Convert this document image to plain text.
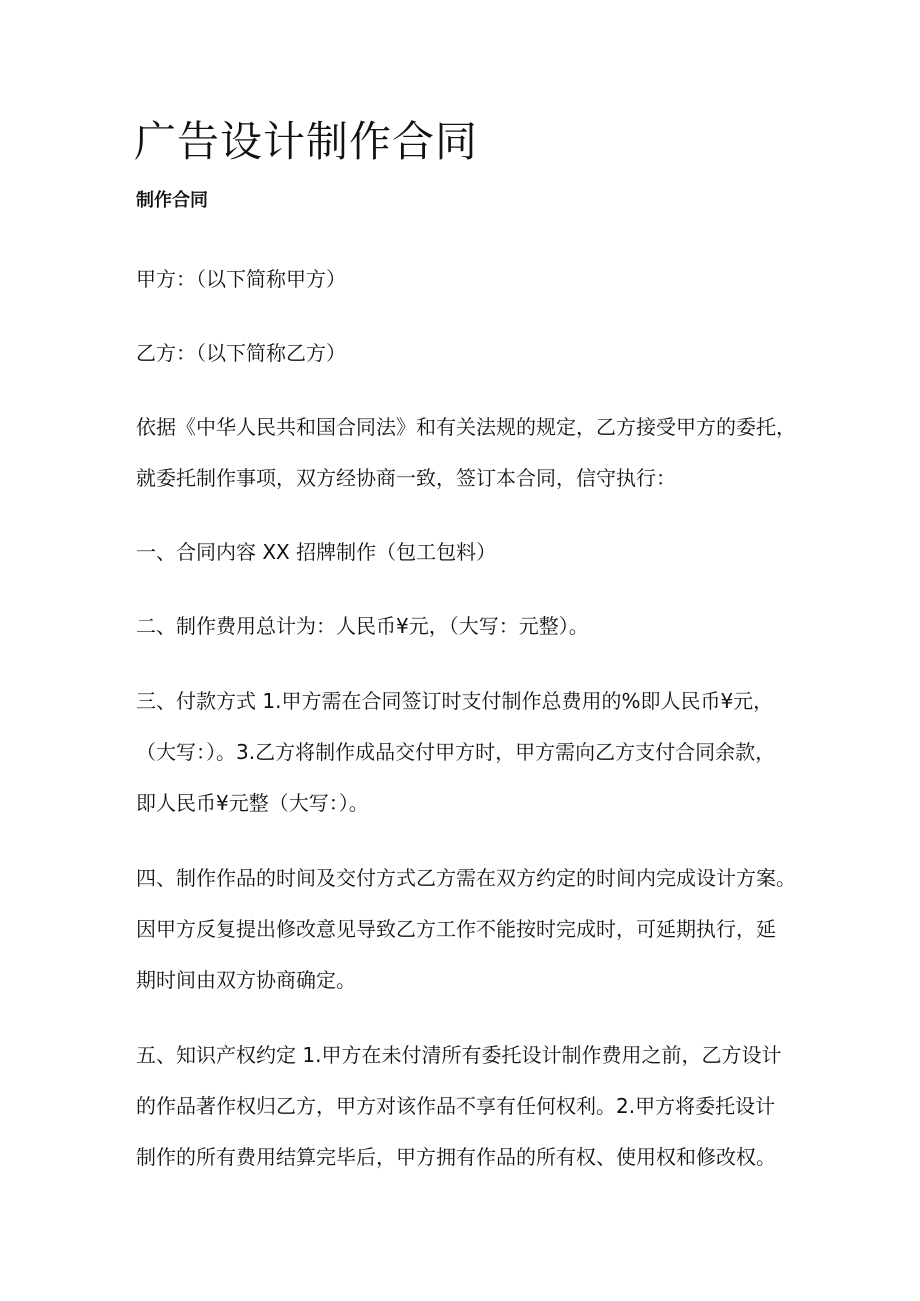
广告设计制作合同
制作合同

甲方：（以下简称甲方）

乙方：（以下简称乙方）

依据《中华人民共和国合同法》和有关法规的规定，乙方接受甲方的委托，
就委托制作事项，双方经协商一致，签订本合同，信守执行：

一、合同内容 XX 招牌制作（包工包料）

二、制作费用总计为：人民币¥元，（大写：元整）。

三、付款方式 1.甲方需在合同签订时支付制作总费用的%即人民币¥元，
（大写：）。3.乙方将制作成品交付甲方时，甲方需向乙方支付合同余款，
即人民币¥元整（大写：）。

四、制作作品的时间及交付方式乙方需在双方约定的时间内完成设计方案。
因甲方反复提出修改意见导致乙方工作不能按时完成时，可延期执行，延
期时间由双方协商确定。

五、知识产权约定 1.甲方在未付清所有委托设计制作费用之前，乙方设计
的作品著作权归乙方，甲方对该作品不享有任何权利。2.甲方将委托设计
制作的所有费用结算完毕后，甲方拥有作品的所有权、使用权和修改权。
